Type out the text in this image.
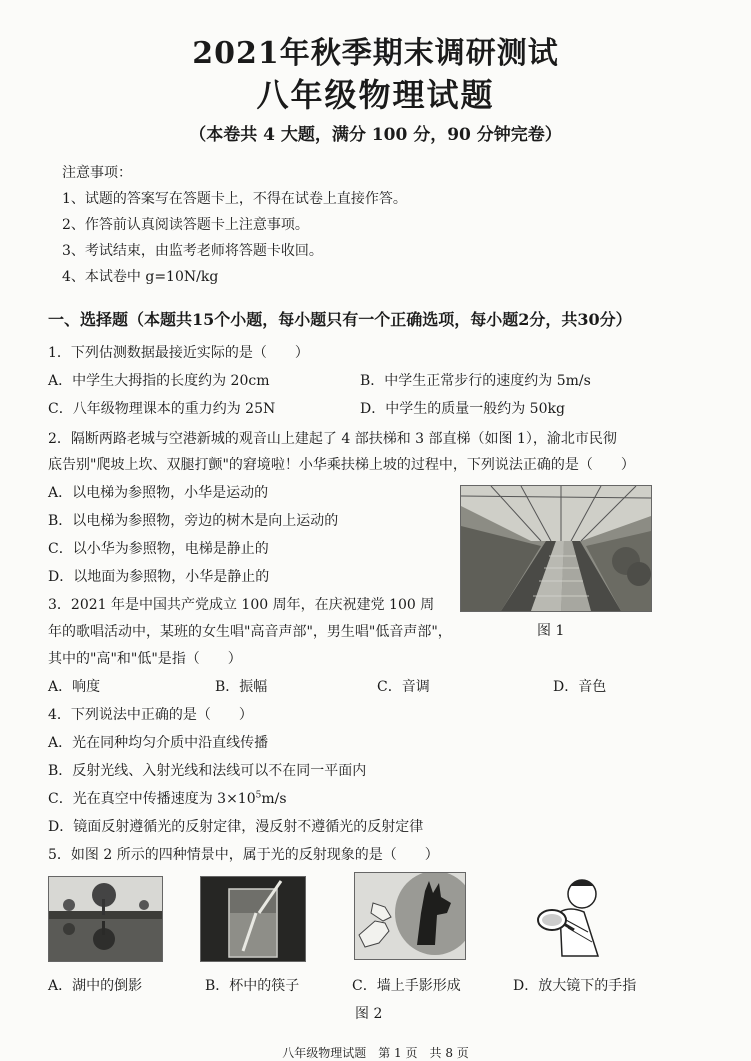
2021年秋季期末调研测试
八年级物理试题
（本卷共 4 大题，满分 100 分，90 分钟完卷）
注意事项：
1、试题的答案写在答题卡上，不得在试卷上直接作答。
2、作答前认真阅读答题卡上注意事项。
3、考试结束，由监考老师将答题卡收回。
4、本试卷中 g=10N/kg
一、选择题（本题共15个小题，每小题只有一个正确选项，每小题2分，共30分）
1．下列估测数据最接近实际的是（　　）
A．中学生大拇指的长度约为 20cm	B．中学生正常步行的速度约为 5m/s
C．八年级物理课本的重力约为 25N	D．中学生的质量一般约为 50kg
2．隔断两路老城与空港新城的观音山上建起了 4 部扶梯和 3 部直梯（如图 1），渝北市民彻
底告别"爬坡上坎、双腿打颤"的窘境啦！小华乘扶梯上坡的过程中，下列说法正确的是（　　）
A．以电梯为参照物，小华是运动的
B．以电梯为参照物，旁边的树木是向上运动的
C．以小华为参照物，电梯是静止的
D．以地面为参照物，小华是静止的
图 1
3．2021 年是中国共产党成立 100 周年，在庆祝建党 100 周
年的歌唱活动中，某班的女生唱"高音声部"，男生唱"低音声部"，
其中的"高"和"低"是指（　　）
A．响度	B．振幅	C．音调	D．音色
4．下列说法中正确的是（　　）
A．光在同种均匀介质中沿直线传播
B．反射光线、入射光线和法线可以不在同一平面内
C．光在真空中传播速度为 $3\times 10^5m/s$
D．镜面反射遵循光的反射定律，漫反射不遵循光的反射定律
5．如图 2 所示的四种情景中，属于光的反射现象的是（　　）
A．湖中的倒影	B．杯中的筷子	C．墙上手影形成	D．放大镜下的手指
图 2
八年级物理试题　第 1 页　共 8 页
